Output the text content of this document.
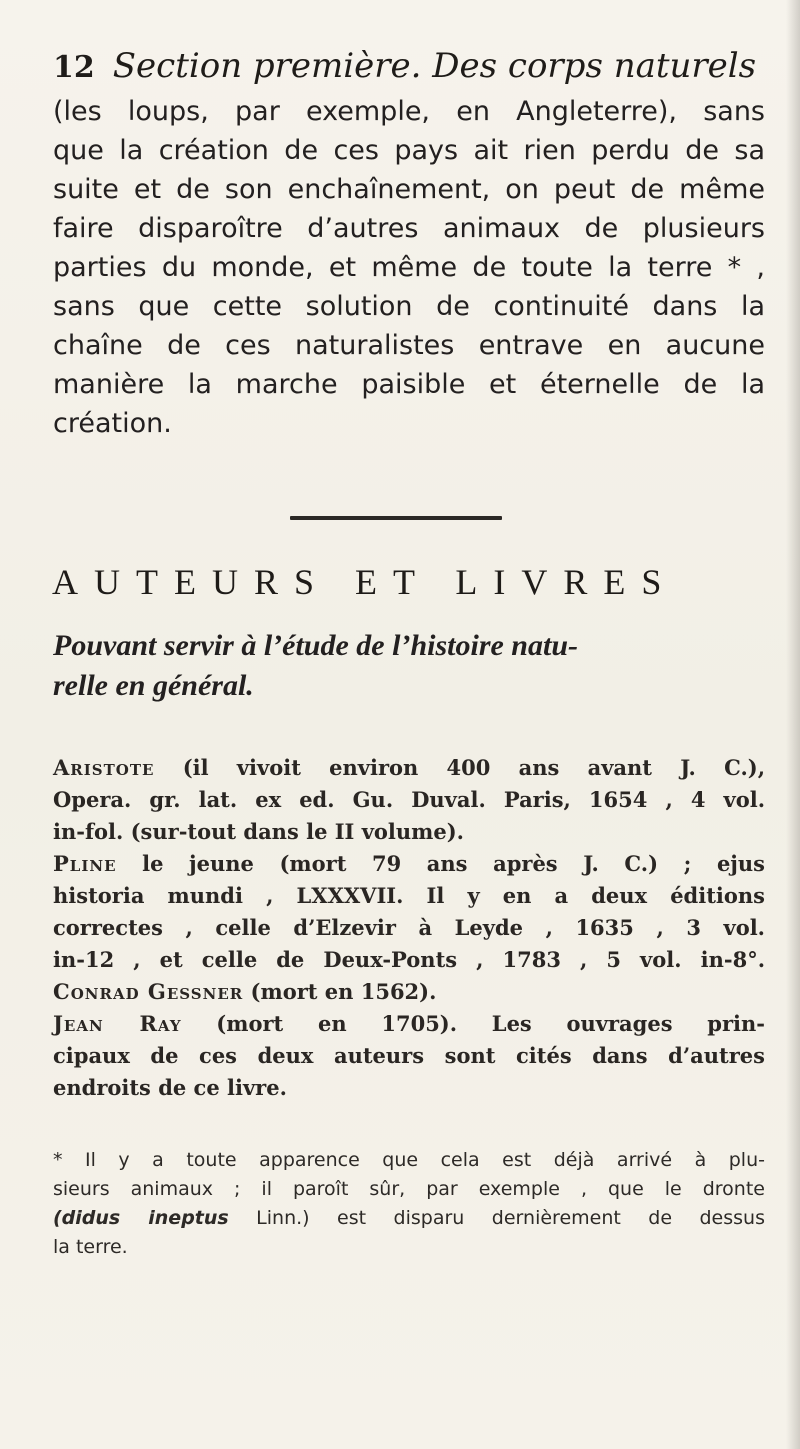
12 Section première. Des corps naturels
(les loups, par exemple, en Angleterre), sans
que la création de ces pays ait rien perdu de sa
suite et de son enchaînement, on peut de même
faire disparoître d’autres animaux de plusieurs
parties du monde, et même de toute la terre * ,
sans que cette solution de continuité dans la
chaîne de ces naturalistes entrave en aucune
manière la marche paisible et éternelle de la
création.
AUTEURS ET LIVRES
Pouvant servir à l’étude de l’histoire natu-
relle en général.
Aristote (il vivoit environ 400 ans avant J. C.),
Opera. gr. lat. ex ed. Gu. Duval. Paris, 1654 , 4 vol.
in-fol. (sur-tout dans le II volume).
Pline le jeune (mort 79 ans après J. C.) ; ejus
historia mundi , LXXXVII. Il y en a deux éditions
correctes , celle d’Elzevir à Leyde , 1635 , 3 vol.
in-12 , et celle de Deux-Ponts , 1783 , 5 vol. in-8°.
Conrad Gessner (mort en 1562).
Jean Ray (mort en 1705). Les ouvrages prin-
cipaux de ces deux auteurs sont cités dans d’autres
endroits de ce livre.
* Il y a toute apparence que cela est déjà arrivé à plu-
sieurs animaux ; il paroît sûr, par exemple , que le dronte
(didus ineptus Linn.) est disparu dernièrement de dessus
la terre.
